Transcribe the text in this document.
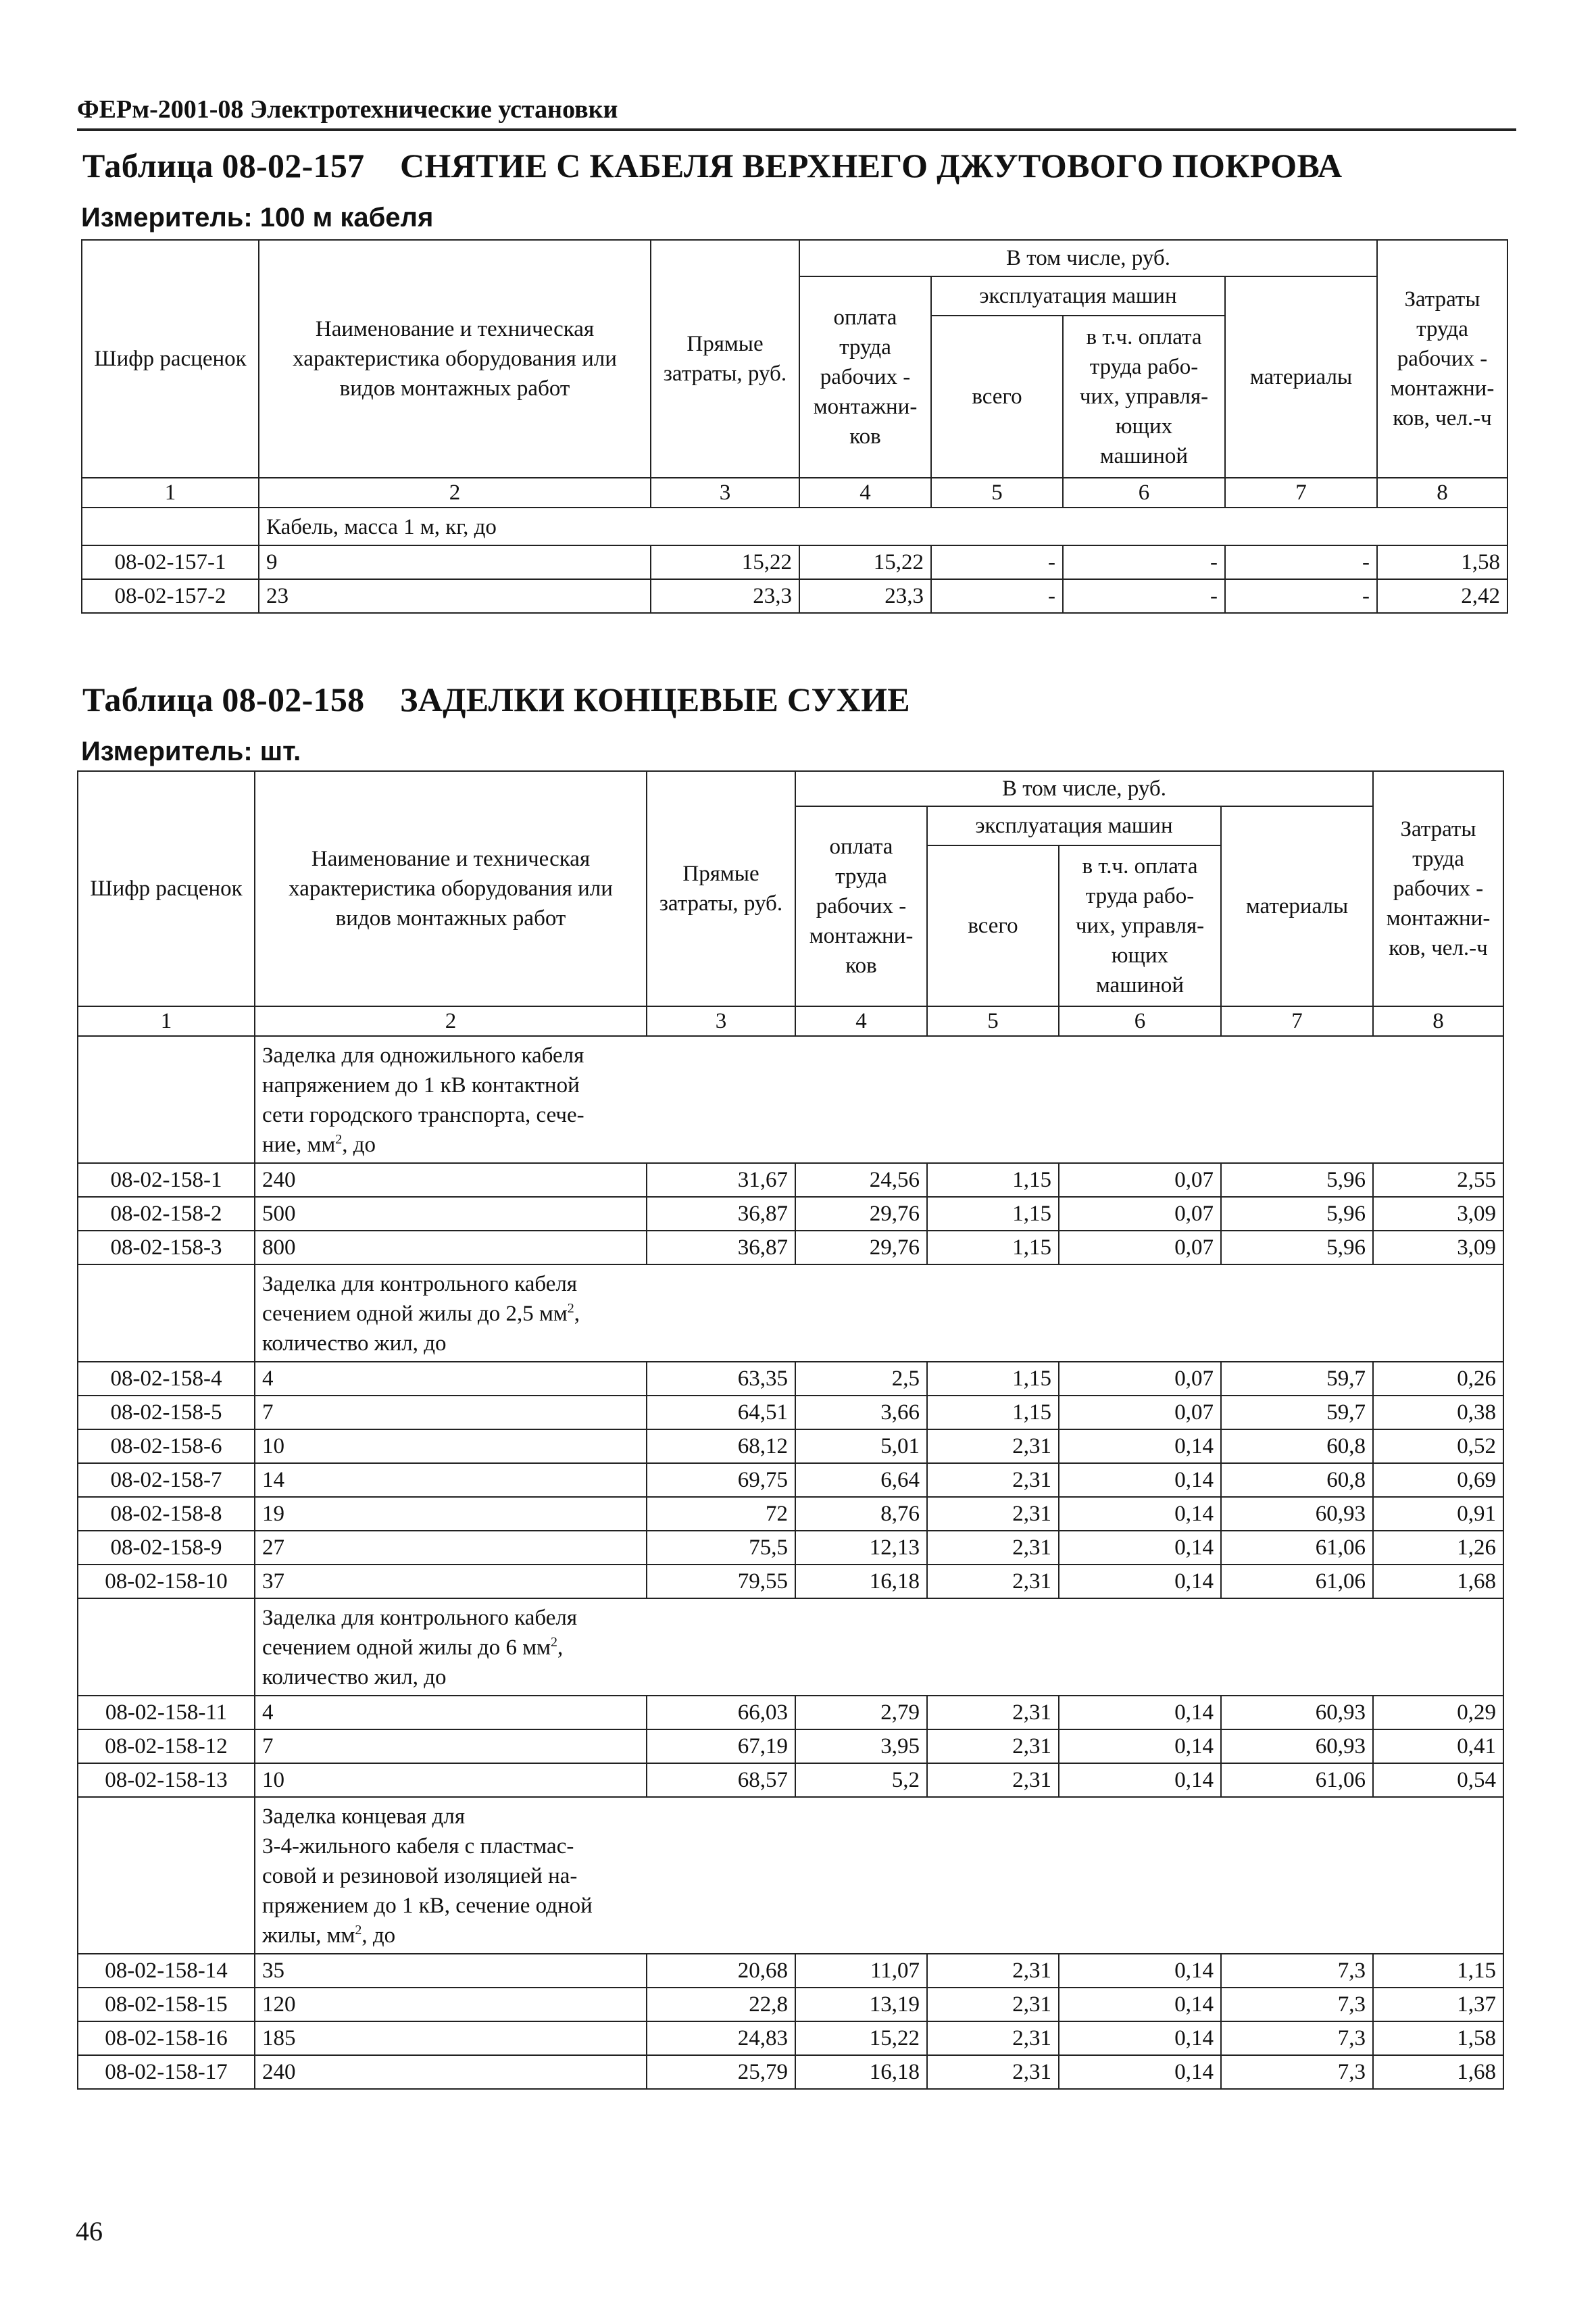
ФЕРм-2001-08 Электротехнические установки
Таблица 08-02-157 СНЯТИЕ С КАБЕЛЯ ВЕРХНЕГО ДЖУТОВОГО ПОКРОВА
Измеритель: 100 м кабеля
Шифр расценок	Наименование и техническая характеристика оборудования или видов монтажных работ	Прямые затраты, руб.	В том числе, руб.				Затраты труда рабочих - монтажни- ков, чел.-ч
			оплата труда рабочих - монтажни- ков	эксплуатация машин		материалы	
				всего	в т.ч. оплата труда рабо- чих, управля- ющих машиной		
1	2	3	4	5	6	7	8
	Кабель, масса 1 м, кг, до						
08-02-157-1	9	15,22	15,22	-	-	-	1,58
08-02-157-2	23	23,3	23,3	-	-	-	2,42
Таблица 08-02-158 ЗАДЕЛКИ КОНЦЕВЫЕ СУХИЕ
Измеритель: шт.
Шифр расценок	Наименование и техническая характеристика оборудования или видов монтажных работ	Прямые затраты, руб.	В том числе, руб.				Затраты труда рабочих - монтажни- ков, чел.-ч
			оплата труда рабочих - монтажни- ков	эксплуатация машин		материалы	
				всего	в т.ч. оплата труда рабо- чих, управля- ющих машиной		
1	2	3	4	5	6	7	8
	Заделка для одножильного кабеля
напряжением до 1 кВ контактной
сети городского транспорта, сече-
ние, $мм^2$, до						
08-02-158-1	240	31,67	24,56	1,15	0,07	5,96	2,55
08-02-158-2	500	36,87	29,76	1,15	0,07	5,96	3,09
08-02-158-3	800	36,87	29,76	1,15	0,07	5,96	3,09
	Заделка для контрольного кабеля
сечением одной жилы до 2,5 $мм^2$,
количество жил, до						
08-02-158-4	4	63,35	2,5	1,15	0,07	59,7	0,26
08-02-158-5	7	64,51	3,66	1,15	0,07	59,7	0,38
08-02-158-6	10	68,12	5,01	2,31	0,14	60,8	0,52
08-02-158-7	14	69,75	6,64	2,31	0,14	60,8	0,69
08-02-158-8	19	72	8,76	2,31	0,14	60,93	0,91
08-02-158-9	27	75,5	12,13	2,31	0,14	61,06	1,26
08-02-158-10	37	79,55	16,18	2,31	0,14	61,06	1,68
	Заделка для контрольного кабеля
сечением одной жилы до 6 $мм^2$,
количество жил, до						
08-02-158-11	4	66,03	2,79	2,31	0,14	60,93	0,29
08-02-158-12	7	67,19	3,95	2,31	0,14	60,93	0,41
08-02-158-13	10	68,57	5,2	2,31	0,14	61,06	0,54
	Заделка концевая для
3-4-жильного кабеля с пластмас-
совой и резиновой изоляцией на-
пряжением до 1 кВ, сечение одной
жилы, $мм^2$, до						
08-02-158-14	35	20,68	11,07	2,31	0,14	7,3	1,15
08-02-158-15	120	22,8	13,19	2,31	0,14	7,3	1,37
08-02-158-16	185	24,83	15,22	2,31	0,14	7,3	1,58
08-02-158-17	240	25,79	16,18	2,31	0,14	7,3	1,68
46
